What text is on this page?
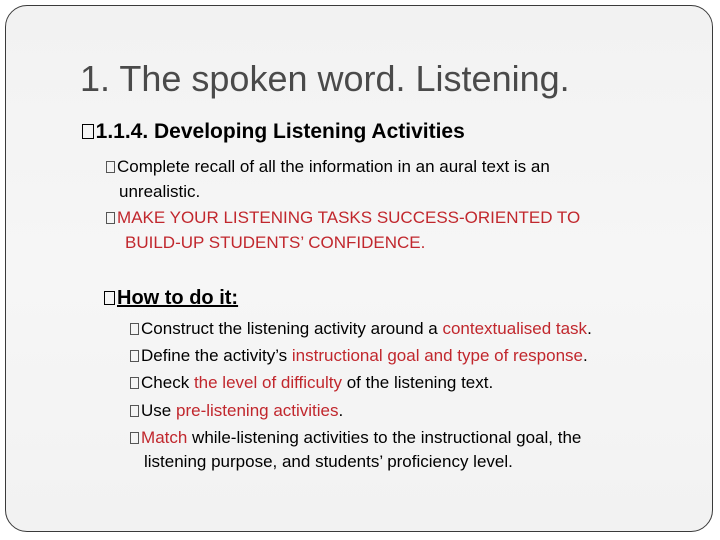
1. The spoken word. Listening.
1.1.4. Developing Listening Activities
Complete recall of all the information in an aural text is an
unrealistic.
MAKE YOUR LISTENING TASKS SUCCESS-ORIENTED TO
BUILD-UP STUDENTS’ CONFIDENCE.
How to do it:
Construct the listening activity around a contextualised task.
Define the activity’s instructional goal and type of response.
Check the level of difficulty of the listening text.
Use pre-listening activities.
Match while-listening activities to the instructional goal, the
listening purpose, and students’ proficiency level.
